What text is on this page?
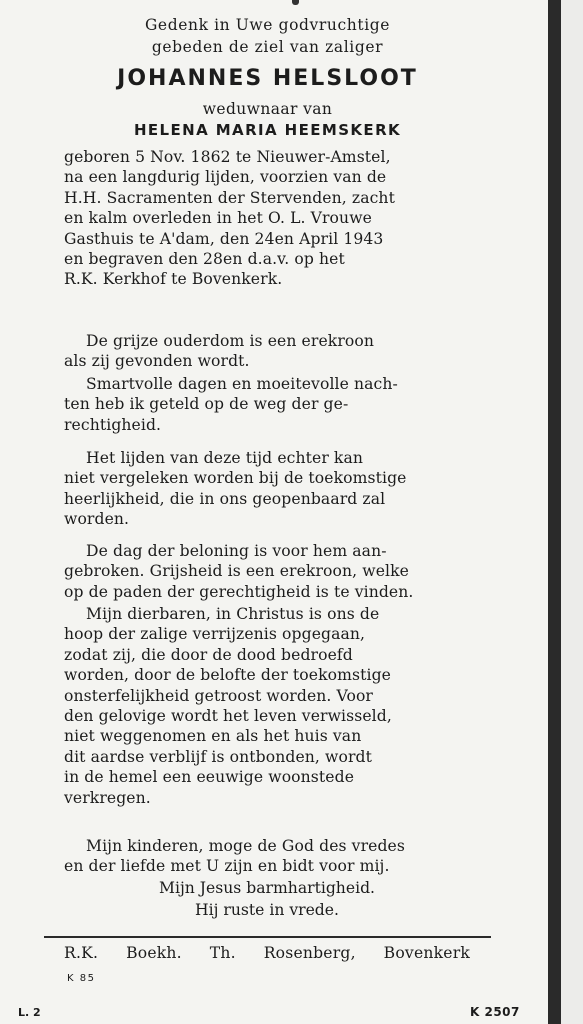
Gedenk in Uwe godvruchtige
gebeden de ziel van zaliger
JOHANNES HELSLOOT
weduwnaar van
HELENA MARIA HEEMSKERK
geboren 5 Nov. 1862 te Nieuwer-Amstel,
na een langdurig lijden, voorzien van de
H.H. Sacramenten der Stervenden, zacht
en kalm overleden in het O. L. Vrouwe
Gasthuis te A'dam, den 24en April 1943
en begraven den 28en d.a.v. op het
R.K. Kerkhof te Bovenkerk.
De grijze ouderdom is een erekroon
als zij gevonden wordt.
Smartvolle dagen en moeitevolle nach-
ten heb ik geteld op de weg der ge-
rechtigheid.
Het lijden van deze tijd echter kan
niet vergeleken worden bij de toekomstige
heerlijkheid, die in ons geopenbaard zal
worden.
De dag der beloning is voor hem aan-
gebroken. Grijsheid is een erekroon, welke
op de paden der gerechtigheid is te vinden.
Mijn dierbaren, in Christus is ons de
hoop der zalige verrijzenis opgegaan,
zodat zij, die door de dood bedroefd
worden, door de belofte der toekomstige
onsterfelijkheid getroost worden. Voor
den gelovige wordt het leven verwisseld,
niet weggenomen en als het huis van
dit aardse verblijf is ontbonden, wordt
in de hemel een eeuwige woonstede
verkregen.
Mijn kinderen, moge de God des vredes
en der liefde met U zijn en bidt voor mij.
Mijn Jesus barmhartigheid.
Hij ruste in vrede.
R.K. Boekh. Th. Rosenberg, Bovenkerk
K 85
L. 2	K 2507
